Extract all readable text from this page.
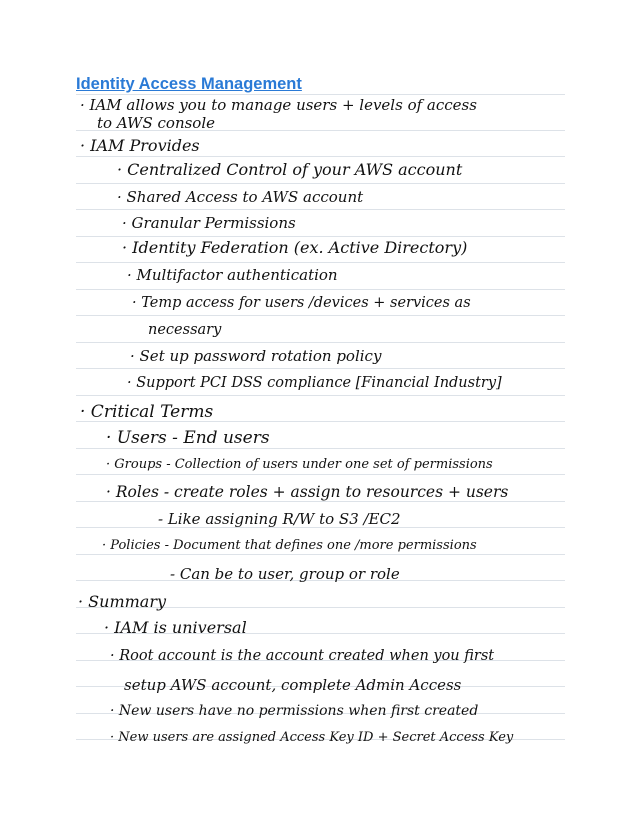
Identity Access Management
· IAM allows you to manage users + levels of access
to AWS console
· IAM Provides
· Centralized Control of your AWS account
· Shared Access to AWS account
· Granular Permissions
· Identity Federation (ex. Active Directory)
· Multifactor authentication
· Temp access for users /devices + services as
necessary
· Set up password rotation policy
· Support PCI DSS compliance [Financial Industry]
· Critical Terms
· Users - End users
· Groups - Collection of users under one set of permissions
· Roles - create roles + assign to resources + users
- Like assigning R/W to S3 /EC2
· Policies - Document that defines one /more permissions
- Can be to user, group or role
· Summary
· IAM is universal
· Root account is the account created when you first
setup AWS account, complete Admin Access
· New users have no permissions when first created
· New users are assigned Access Key ID + Secret Access Key
